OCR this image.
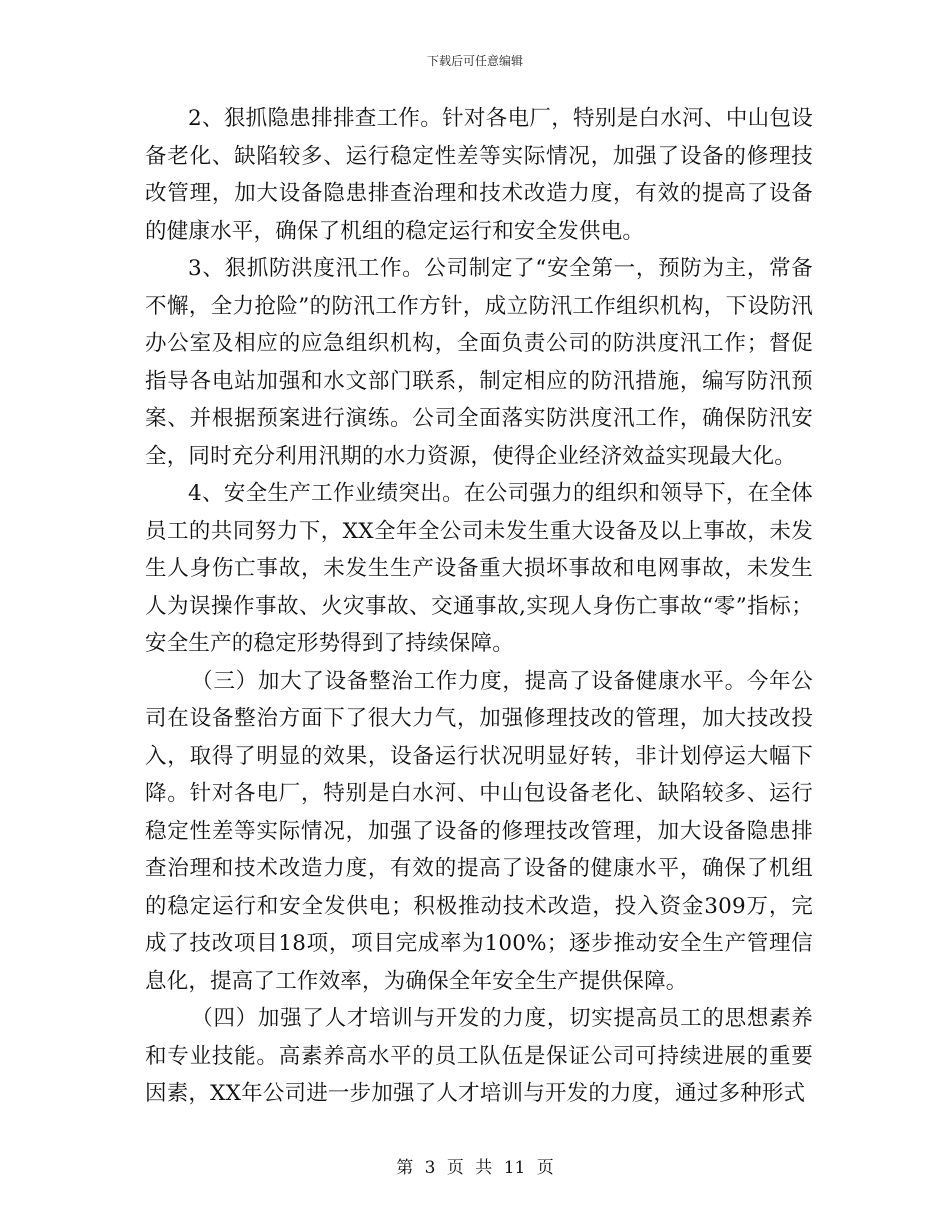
下载后可任意编辑

2、狠抓隐患排排查工作。针对各电厂，特别是白水河、中山包设备老化、缺陷较多、运行稳定性差等实际情况，加强了设备的修理技改管理，加大设备隐患排查治理和技术改造力度，有效的提高了设备的健康水平，确保了机组的稳定运行和安全发供电。

3、狠抓防洪度汛工作。公司制定了“安全第一，预防为主，常备不懈，全力抢险”的防汛工作方针，成立防汛工作组织机构，下设防汛办公室及相应的应急组织机构，全面负责公司的防洪度汛工作；督促指导各电站加强和水文部门联系，制定相应的防汛措施，编写防汛预案、并根据预案进行演练。公司全面落实防洪度汛工作，确保防汛安全，同时充分利用汛期的水力资源，使得企业经济效益实现最大化。

4、安全生产工作业绩突出。在公司强力的组织和领导下，在全体员工的共同努力下，XX全年全公司未发生重大设备及以上事故，未发生人身伤亡事故，未发生生产设备重大损坏事故和电网事故，未发生人为误操作事故、火灾事故、交通事故,实现人身伤亡事故“零”指标；安全生产的稳定形势得到了持续保障。

（三）加大了设备整治工作力度，提高了设备健康水平。今年公司在设备整治方面下了很大力气，加强修理技改的管理，加大技改投入，取得了明显的效果，设备运行状况明显好转，非计划停运大幅下降。针对各电厂，特别是白水河、中山包设备老化、缺陷较多、运行稳定性差等实际情况，加强了设备的修理技改管理，加大设备隐患排查治理和技术改造力度，有效的提高了设备的健康水平，确保了机组的稳定运行和安全发供电；积极推动技术改造，投入资金309万，完成了技改项目18项，项目完成率为100%；逐步推动安全生产管理信息化，提高了工作效率，为确保全年安全生产提供保障。

（四）加强了人才培训与开发的力度，切实提高员工的思想素养和专业技能。高素养高水平的员工队伍是保证公司可持续进展的重要因素，XX年公司进一步加强了人才培训与开发的力度，通过多种形式

第 3 页 共 11 页
